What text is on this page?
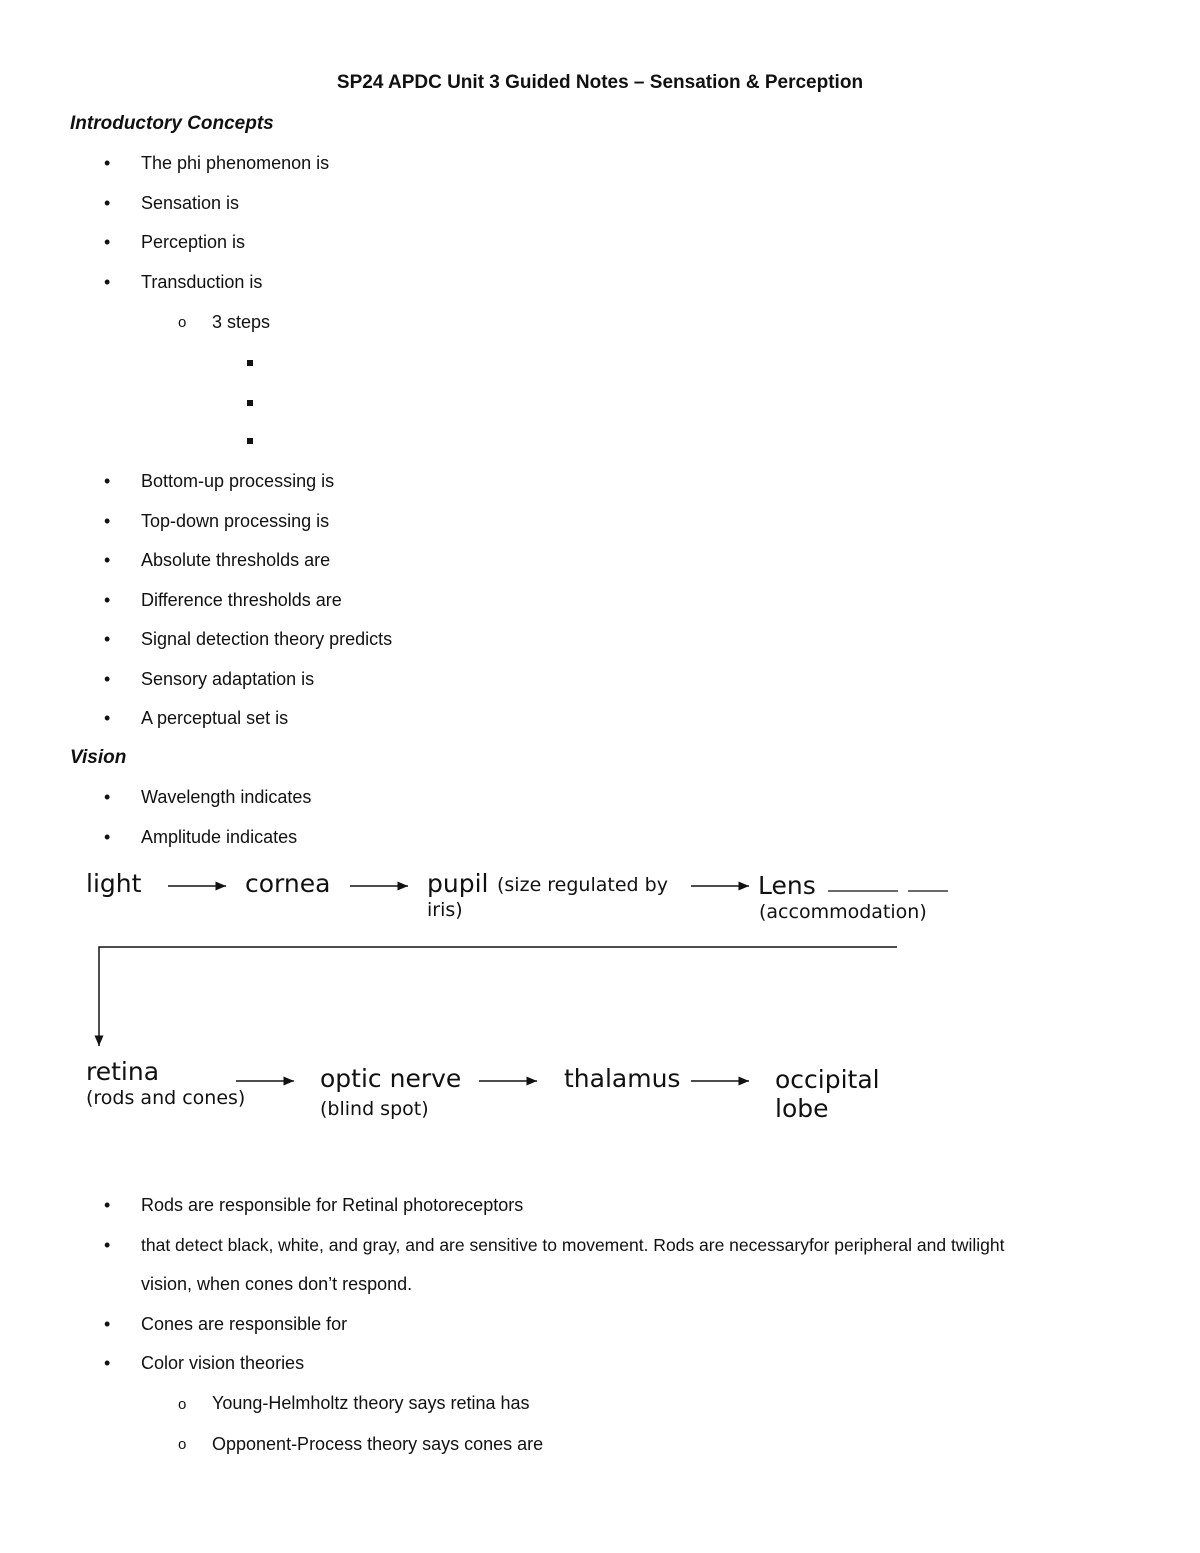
SP24 APDC Unit 3 Guided Notes – Sensation & Perception
Introductory Concepts
• The phi phenomenon is
• Sensation is
• Perception is
• Transduction is
o 3 steps
• Bottom-up processing is
• Top-down processing is
• Absolute thresholds are
• Difference thresholds are
• Signal detection theory predicts
• Sensory adaptation is
• A perceptual set is
Vision
• Wavelength indicates
• Amplitude indicates
light	cornea	pupil (size regulated by
iris)
Lens
(accommodation)
retina
(rods and cones)
optic nerve
(blind spot)
thalamus	occipital
lobe
• Rods are responsible for Retinal photoreceptors
• that detect black, white, and gray, and are sensitive to movement. Rods are necessaryfor peripheral and twilight
vision, when cones don’t respond.
• Cones are responsible for
• Color vision theories
o Young-Helmholtz theory says retina has
o Opponent-Process theory says cones are
